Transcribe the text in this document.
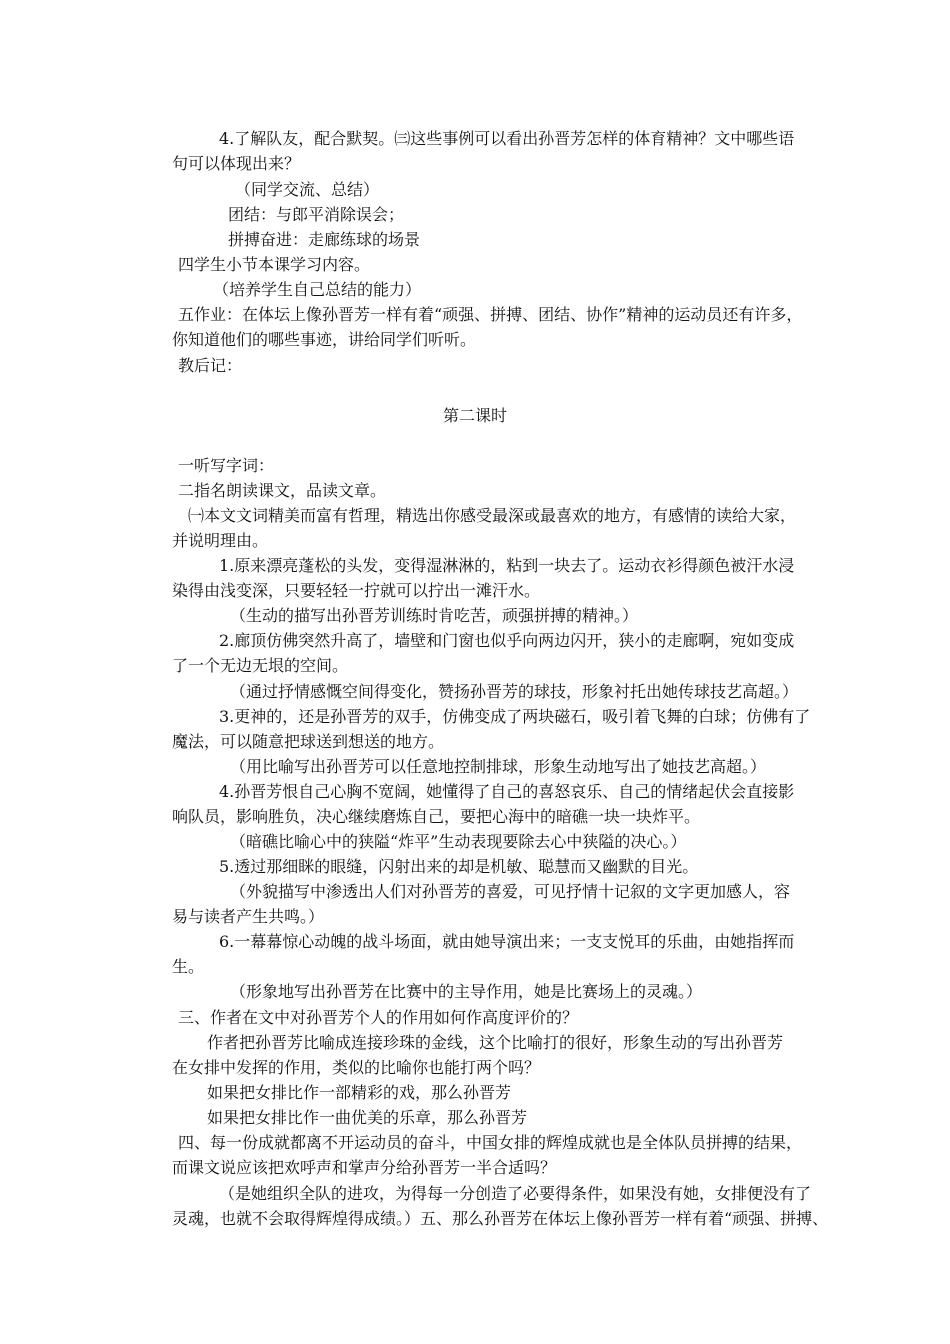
4.了解队友，配合默契。㈢这些事例可以看出孙晋芳怎样的体育精神？文中哪些语
句可以体现出来？
（同学交流、总结）
团结：与郎平消除误会；
拼搏奋进：走廊练球的场景
四学生小节本课学习内容。
（培养学生自己总结的能力）
五作业：在体坛上像孙晋芳一样有着“顽强、拼搏、团结、协作”精神的运动员还有许多，
你知道他们的哪些事迹，讲给同学们听听。
教后记：
第二课时
一听写字词：
二指名朗读课文，品读文章。
㈠本文文词精美而富有哲理，精选出你感受最深或最喜欢的地方，有感情的读给大家，
并说明理由。
1.原来漂亮蓬松的头发，变得湿淋淋的，粘到一块去了。运动衣衫得颜色被汗水浸
染得由浅变深，只要轻轻一拧就可以拧出一滩汗水。
（生动的描写出孙晋芳训练时肯吃苦，顽强拼搏的精神。）
2.廊顶仿佛突然升高了，墙壁和门窗也似乎向两边闪开，狭小的走廊啊，宛如变成
了一个无边无垠的空间。
（通过抒情感慨空间得变化，赞扬孙晋芳的球技，形象衬托出她传球技艺高超。）
3.更神的，还是孙晋芳的双手，仿佛变成了两块磁石，吸引着飞舞的白球；仿佛有了
魔法，可以随意把球送到想送的地方。
（用比喻写出孙晋芳可以任意地控制排球，形象生动地写出了她技艺高超。）
4.孙晋芳恨自己心胸不宽阔，她懂得了自己的喜怒哀乐、自己的情绪起伏会直接影
响队员，影响胜负，决心继续磨炼自己，要把心海中的暗礁一块一块炸平。
（暗礁比喻心中的狭隘“炸平”生动表现要除去心中狭隘的决心。）
5.透过那细眯的眼缝，闪射出来的却是机敏、聪慧而又幽默的目光。
（外貌描写中渗透出人们对孙晋芳的喜爱，可见抒情十记叙的文字更加感人，容
易与读者产生共鸣。）
6.一幕幕惊心动魄的战斗场面，就由她导演出来；一支支悦耳的乐曲，由她指挥而
生。
（形象地写出孙晋芳在比赛中的主导作用，她是比赛场上的灵魂。）
三、作者在文中对孙晋芳个人的作用如何作高度评价的？
作者把孙晋芳比喻成连接珍珠的金线，这个比喻打的很好，形象生动的写出孙晋芳
在女排中发挥的作用，类似的比喻你也能打两个吗？
如果把女排比作一部精彩的戏，那么孙晋芳
如果把女排比作一曲优美的乐章，那么孙晋芳
四、每一份成就都离不开运动员的奋斗，中国女排的辉煌成就也是全体队员拼搏的结果，
而课文说应该把欢呼声和掌声分给孙晋芳一半合适吗？
（是她组织全队的进攻，为得每一分创造了必要得条件，如果没有她，女排便没有了
灵魂，也就不会取得辉煌得成绩。）五、那么孙晋芳在体坛上像孙晋芳一样有着“顽强、拼搏、
